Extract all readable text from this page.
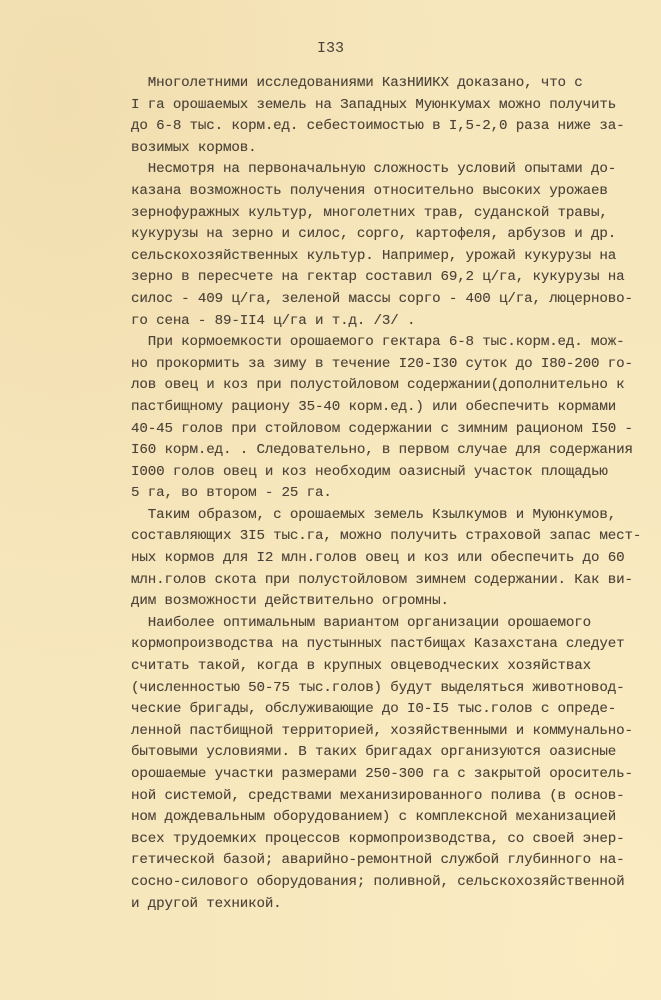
I33
Многолетними исследованиями КазНИИКХ доказано, что с
I га орошаемых земель на Западных Муюнкумах можно получить
до 6-8 тыс. корм.ед. себестоимостью в I,5-2,0 раза ниже за-
возимых кормов.
Несмотря на первоначальную сложность условий опытами до-
казана возможность получения относительно высоких урожаев
зернофуражных культур, многолетних трав, суданской травы,
кукурузы на зерно и силос, сорго, картофеля, арбузов и др.
сельскохозяйственных культур. Например, урожай кукурузы на
зерно в пересчете на гектар составил 69,2 ц/га, кукурузы на
силос - 409 ц/га, зеленой массы сорго - 400 ц/га, люцерново-
го сена - 89-II4 ц/га и т.д. /3/ .
При кормоемкости орошаемого гектара 6-8 тыс.корм.ед. мож-
но прокормить за зиму в течение I20-I30 суток до I80-200 го-
лов овец и коз при полустойловом содержании(дополнительно к
пастбищному рациону 35-40 корм.ед.) или обеспечить кормами
40-45 голов при стойловом содержании с зимним рационом I50 -
I60 корм.ед. . Следовательно, в первом случае для содержания
I000 голов овец и коз необходим оазисный участок площадью
5 га, во втором - 25 га.
Таким образом, с орошаемых земель Кзылкумов и Муюнкумов,
составляющих 3I5 тыс.га, можно получить страховой запас мест-
ных кормов для I2 млн.голов овец и коз или обеспечить до 60
млн.голов скота при полустойловом зимнем содержании. Как ви-
дим возможности действительно огромны.
Наиболее оптимальным вариантом организации орошаемого
кормопроизводства на пустынных пастбищах Казахстана следует
считать такой, когда в крупных овцеводческих хозяйствах
(численностью 50-75 тыс.голов) будут выделяться животновод-
ческие бригады, обслуживающие до I0-I5 тыс.голов с опреде-
ленной пастбищной территорией, хозяйственными и коммунально-
бытовыми условиями. В таких бригадах организуются оазисные
орошаемые участки размерами 250-300 га с закрытой ороситель-
ной системой, средствами механизированного полива (в основ-
ном дождевальным оборудованием) с комплексной механизацией
всех трудоемких процессов кормопроизводства, со своей энер-
гетической базой; аварийно-ремонтной службой глубинного на-
сосно-силового оборудования; поливной, сельскохозяйственной
и другой техникой.
